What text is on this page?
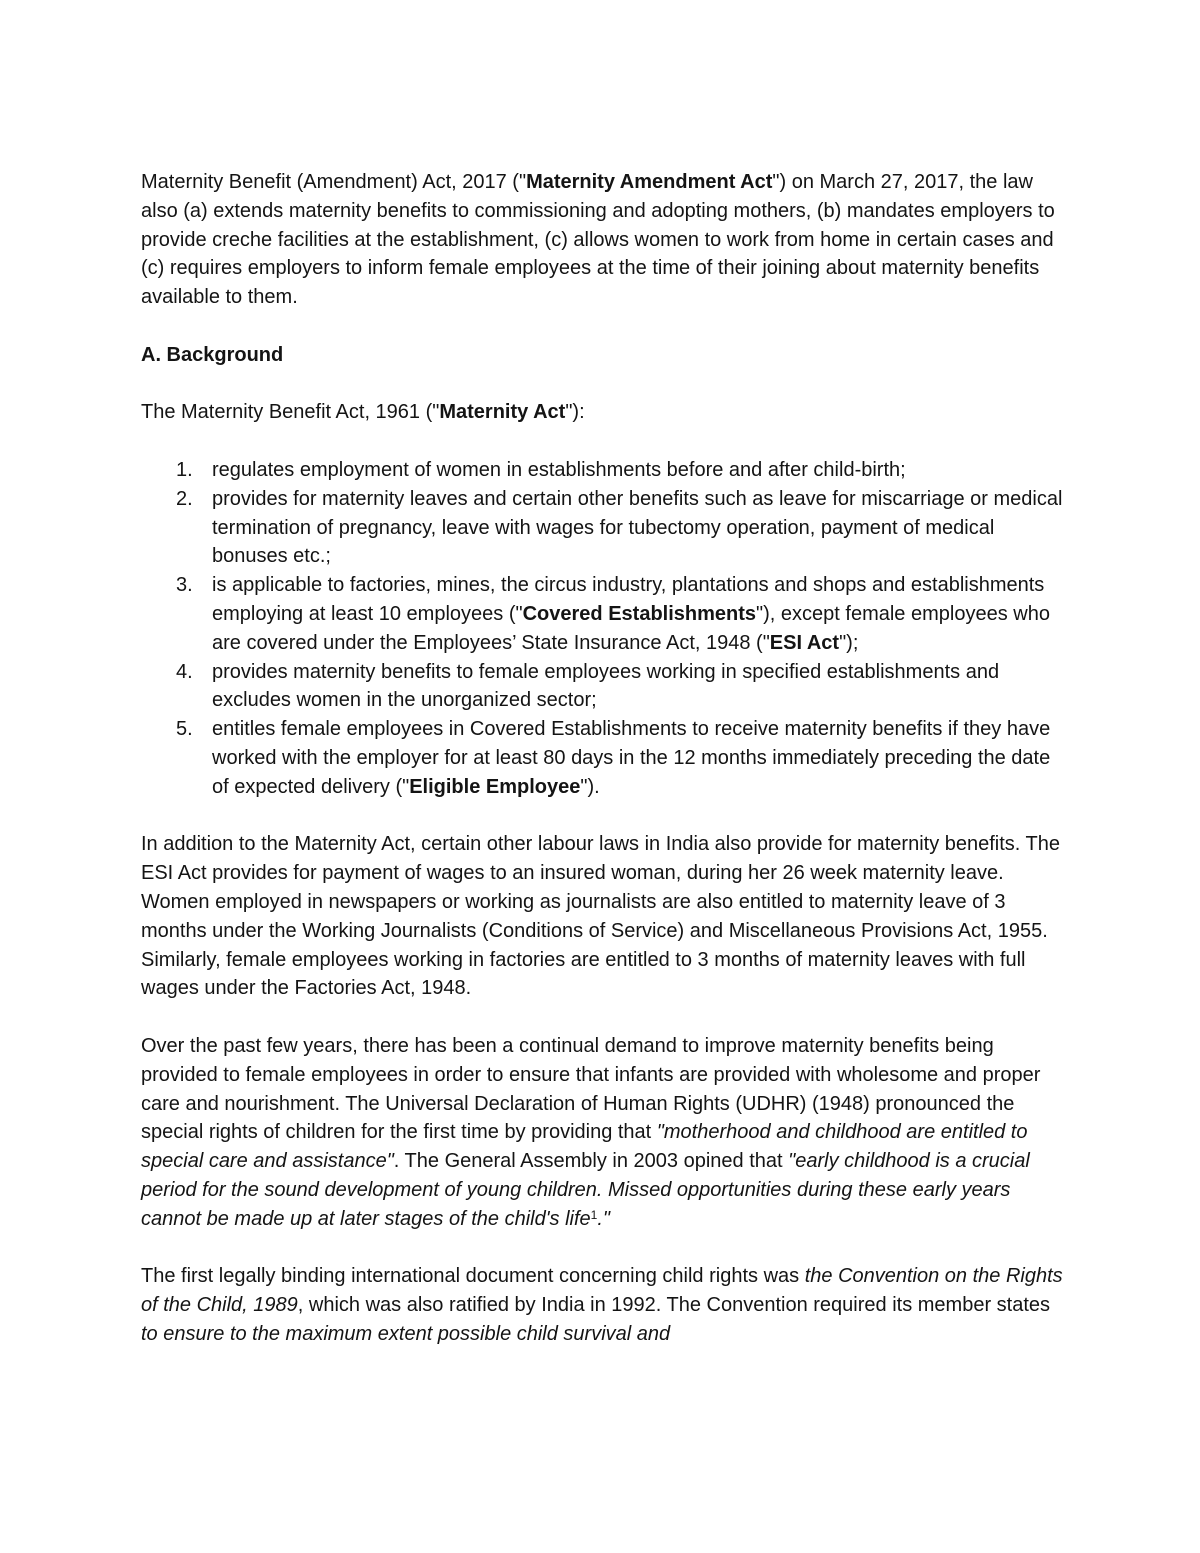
Maternity Benefit (Amendment) Act, 2017 ("Maternity Amendment Act") on March 27, 2017, the law also (a) extends maternity benefits to commissioning and adopting mothers, (b) mandates employers to provide creche facilities at the establishment, (c) allows women to work from home in certain cases and (c) requires employers to inform female employees at the time of their joining about maternity benefits available to them.

A. Background

The Maternity Benefit Act, 1961 ("Maternity Act"):

1. regulates employment of women in establishments before and after child-birth;
2. provides for maternity leaves and certain other benefits such as leave for miscarriage or medical termination of pregnancy, leave with wages for tubectomy operation, payment of medical bonuses etc.;
3. is applicable to factories, mines, the circus industry, plantations and shops and establishments employing at least 10 employees ("Covered Establishments"), except female employees who are covered under the Employees’ State Insurance Act, 1948 ("ESI Act");
4. provides maternity benefits to female employees working in specified establishments and excludes women in the unorganized sector;
5. entitles female employees in Covered Establishments to receive maternity benefits if they have worked with the employer for at least 80 days in the 12 months immediately preceding the date of expected delivery ("Eligible Employee").

In addition to the Maternity Act, certain other labour laws in India also provide for maternity benefits. The ESI Act provides for payment of wages to an insured woman, during her 26 week maternity leave. Women employed in newspapers or working as journalists are also entitled to maternity leave of 3 months under the Working Journalists (Conditions of Service) and Miscellaneous Provisions Act, 1955. Similarly, female employees working in factories are entitled to 3 months of maternity leaves with full wages under the Factories Act, 1948.

Over the past few years, there has been a continual demand to improve maternity benefits being provided to female employees in order to ensure that infants are provided with wholesome and proper care and nourishment. The Universal Declaration of Human Rights (UDHR) (1948) pronounced the special rights of children for the first time by providing that "motherhood and childhood are entitled to special care and assistance". The General Assembly in 2003 opined that "early childhood is a crucial period for the sound development of young children. Missed opportunities during these early years cannot be made up at later stages of the child's life$^1$."

The first legally binding international document concerning child rights was the Convention on the Rights of the Child, 1989, which was also ratified by India in 1992. The Convention required its member states to ensure to the maximum extent possible child survival and
